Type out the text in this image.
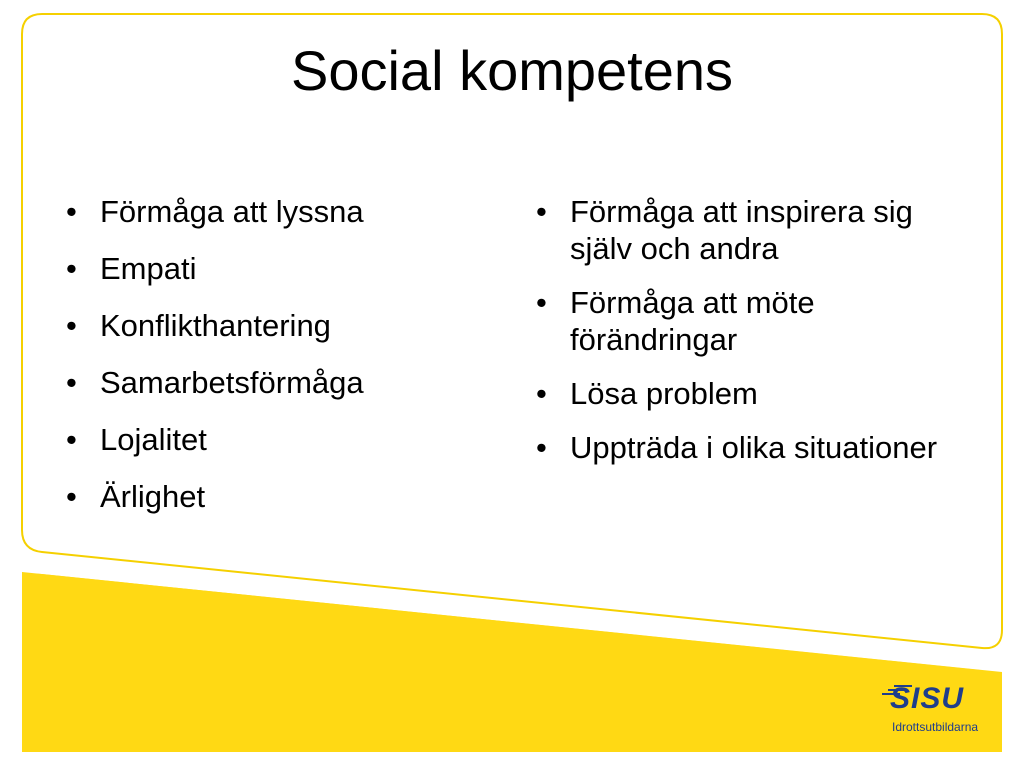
Social kompetens
• Förmåga att lyssna
• Empati
• Konflikthantering
• Samarbetsförmåga
• Lojalitet
• Ärlighet
• Förmåga att inspirera sig själv och andra
• Förmåga att möte förändringar
• Lösa problem
• Uppträda i olika situationer
SISU
Idrottsutbildarna
